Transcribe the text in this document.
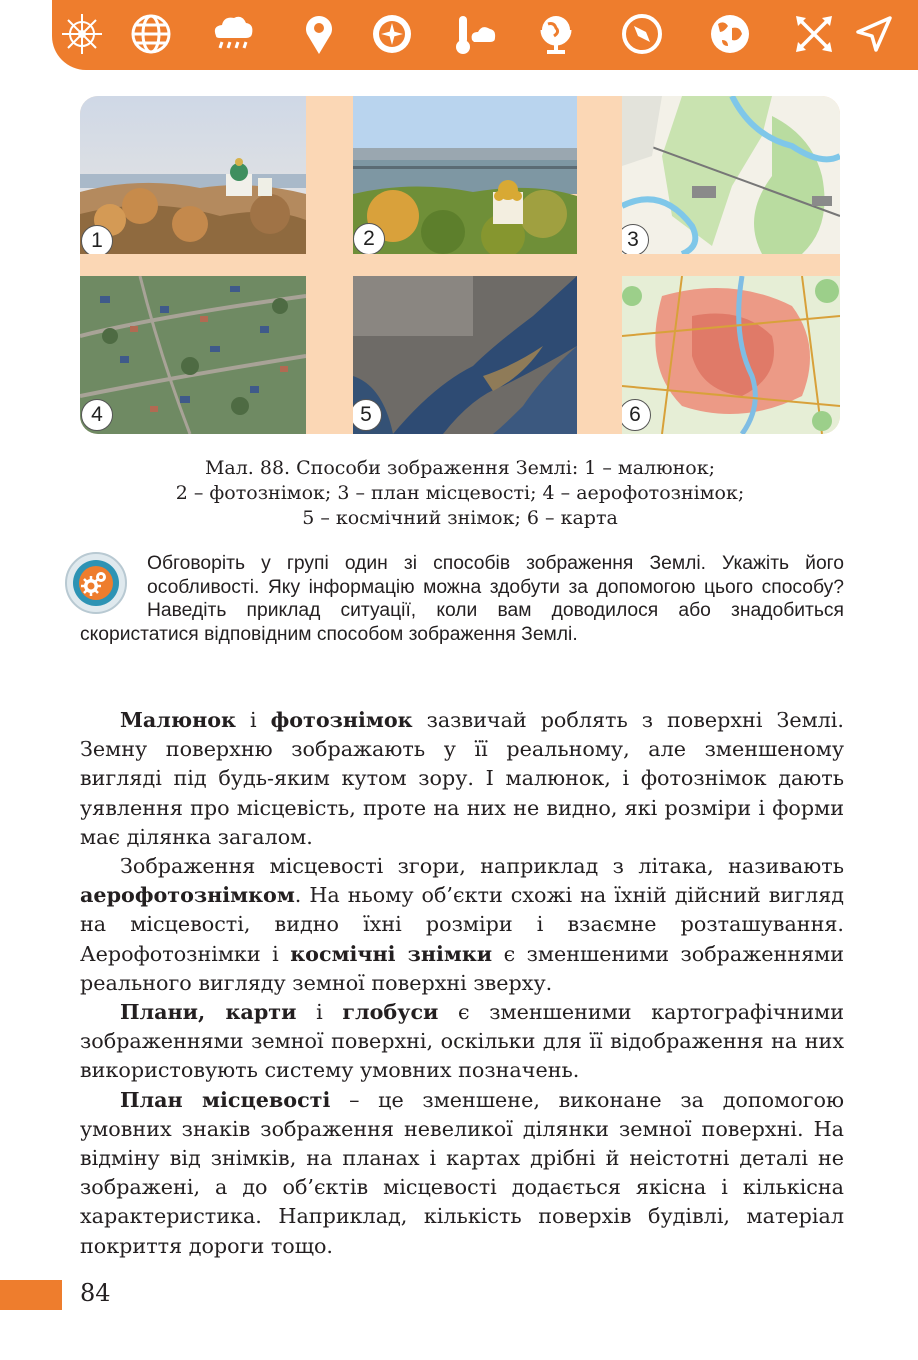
1	2	3
4	5	6
Мал. 88. Способи зображення Землі: 1 – малюнок;
2 – фотознімок; 3 – план місцевості; 4 – аерофотознімок;
5 – космічний знімок; 6 – карта
Обговоріть у групі один зі способів зображення Землі. Укажіть його особливості. Яку інформацію можна здобути за допомогою цього способу? Наведіть приклад ситуації, коли вам доводилося або знадобиться скористатися відповідним способом зображення Землі.

Малюнок і фотознімок зазвичай роблять з поверхні Землі. Земну поверхню зображають у її реальному, але зменшеному вигляді під будь-яким кутом зору. І малюнок, і фотознімок дають уявлення про місцевість, проте на них не видно, які розміри і форми має ділянка загалом.

Зображення місцевості згори, наприклад з літака, називають аерофотознімком. На ньому об’єкти схожі на їхній дійсний вигляд на місцевості, видно їхні розміри і взаємне розташування. Аерофотознімки і космічні знімки є зменшеними зображеннями реального вигляду земної поверхні зверху.

Плани, карти і глобуси є зменшеними картографічними зображеннями земної поверхні, оскільки для її відображення на них використовують систему умовних позначень.

План місцевості – це зменшене, виконане за допомогою умовних знаків зображення невеликої ділянки земної поверхні. На відміну від знімків, на планах і картах дрібні й неістотні деталі не зображені, а до об’єктів місцевості додається якісна і кількісна характеристика. Наприклад, кількість поверхів будівлі, матеріал покриття дороги тощо.

84
